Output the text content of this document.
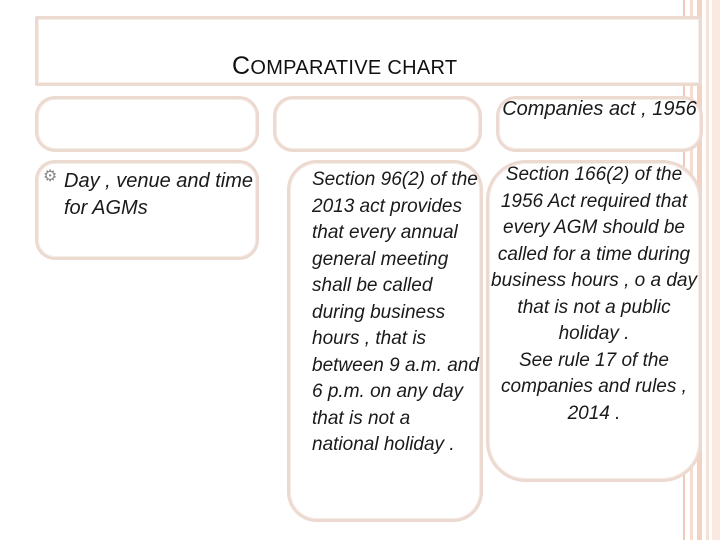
COMPARATIVE CHART
Companies act , 1956
⚙ Day , venue and time for AGMs
Section 96(2) of the 2013 act provides that every annual general meeting shall be called during business hours , that is between 9 a.m. and 6 p.m. on any day that is not a national holiday .
Section 166(2) of the 1956 Act required that every AGM should be called for a time during business hours , o a day that is not a public holiday .
See rule 17 of the companies and rules , 2014 .
